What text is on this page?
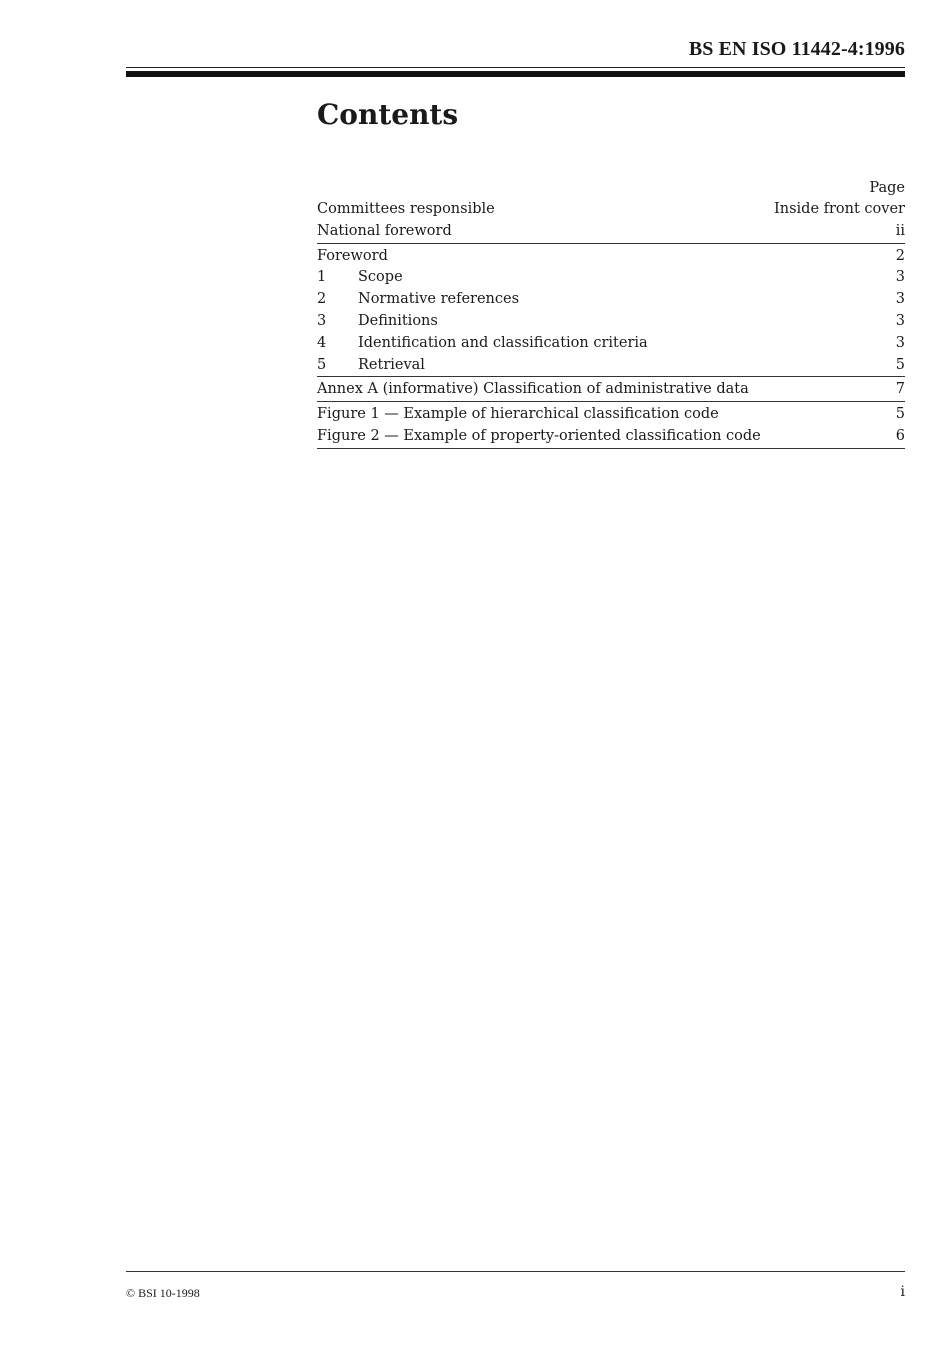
BS EN ISO 11442-4:1996
Contents
Page
Committees responsible	Inside front cover
National foreword	ii
Foreword	2
1 Scope	3
2 Normative references	3
3 Definitions	3
4 Identification and classification criteria	3
5 Retrieval	5
Annex A (informative) Classification of administrative data	7
Figure 1 — Example of hierarchical classification code	5
Figure 2 — Example of property-oriented classification code	6
© BSI 10-1998	i
